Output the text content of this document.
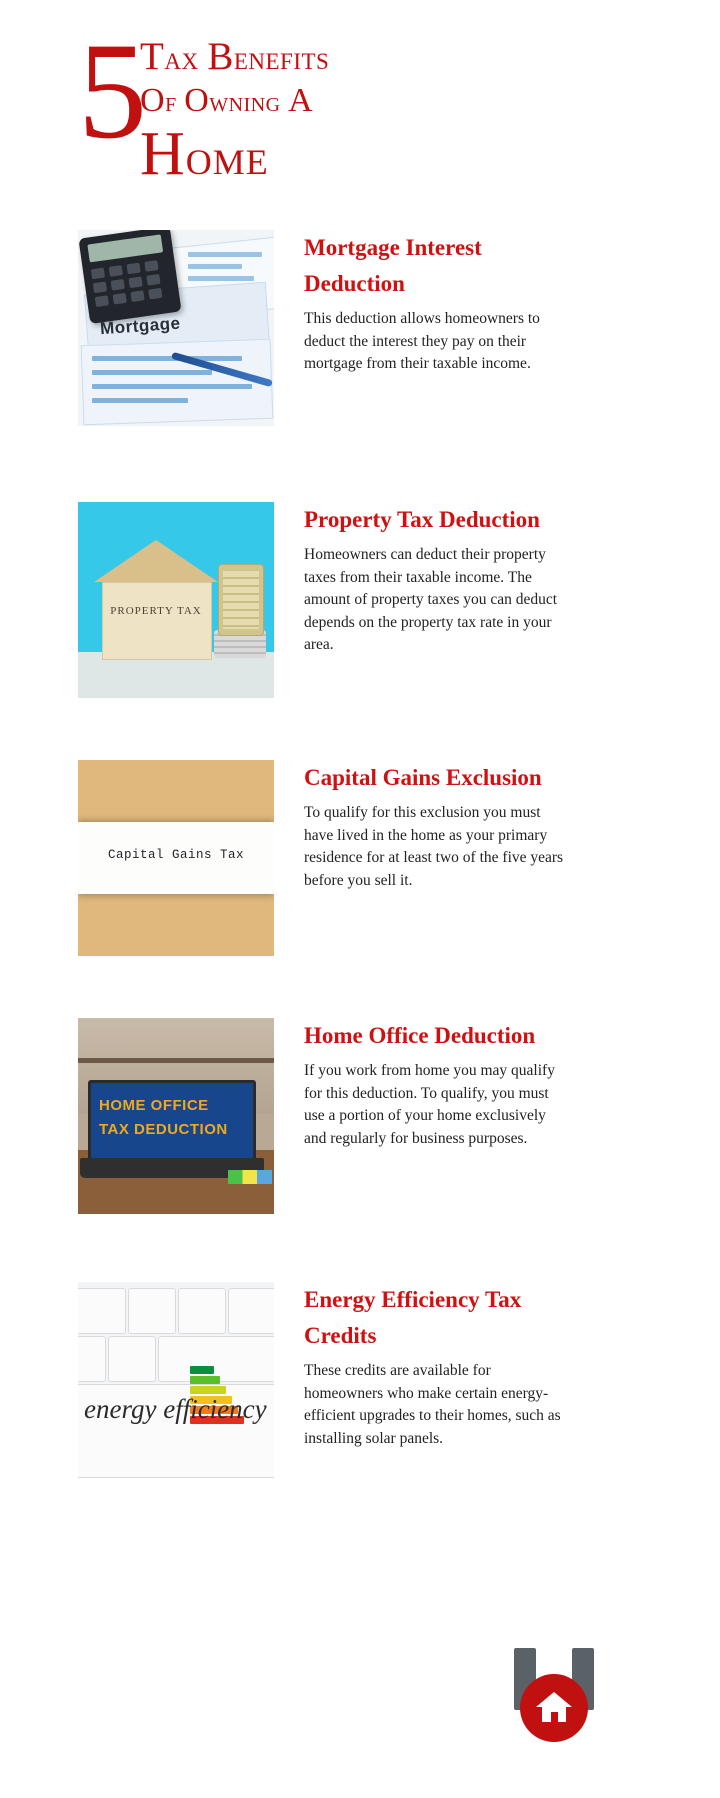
5
Tax Benefits
Of Owning A
Home
Mortgage
Mortgage Interest Deduction

This deduction allows homeowners to deduct the interest they pay on their mortgage from their taxable income.

PROPERTY TAX
Property Tax Deduction

Homeowners can deduct their property taxes from their taxable income. The amount of property taxes you can deduct depends on the property tax rate in your area.

Capital Gains Tax
Capital Gains Exclusion

To qualify for this exclusion you must have lived in the home as your primary residence for at least two of the five years before you sell it.

HOME OFFICE
TAX DEDUCTION
Home Office Deduction

If you work from home you may qualify for this deduction. To qualify, you must use a portion of your home exclusively and regularly for business purposes.

energy efficiency
Energy Efficiency Tax Credits

These credits are available for homeowners who make certain energy-efficient upgrades to their homes, such as installing solar panels.
